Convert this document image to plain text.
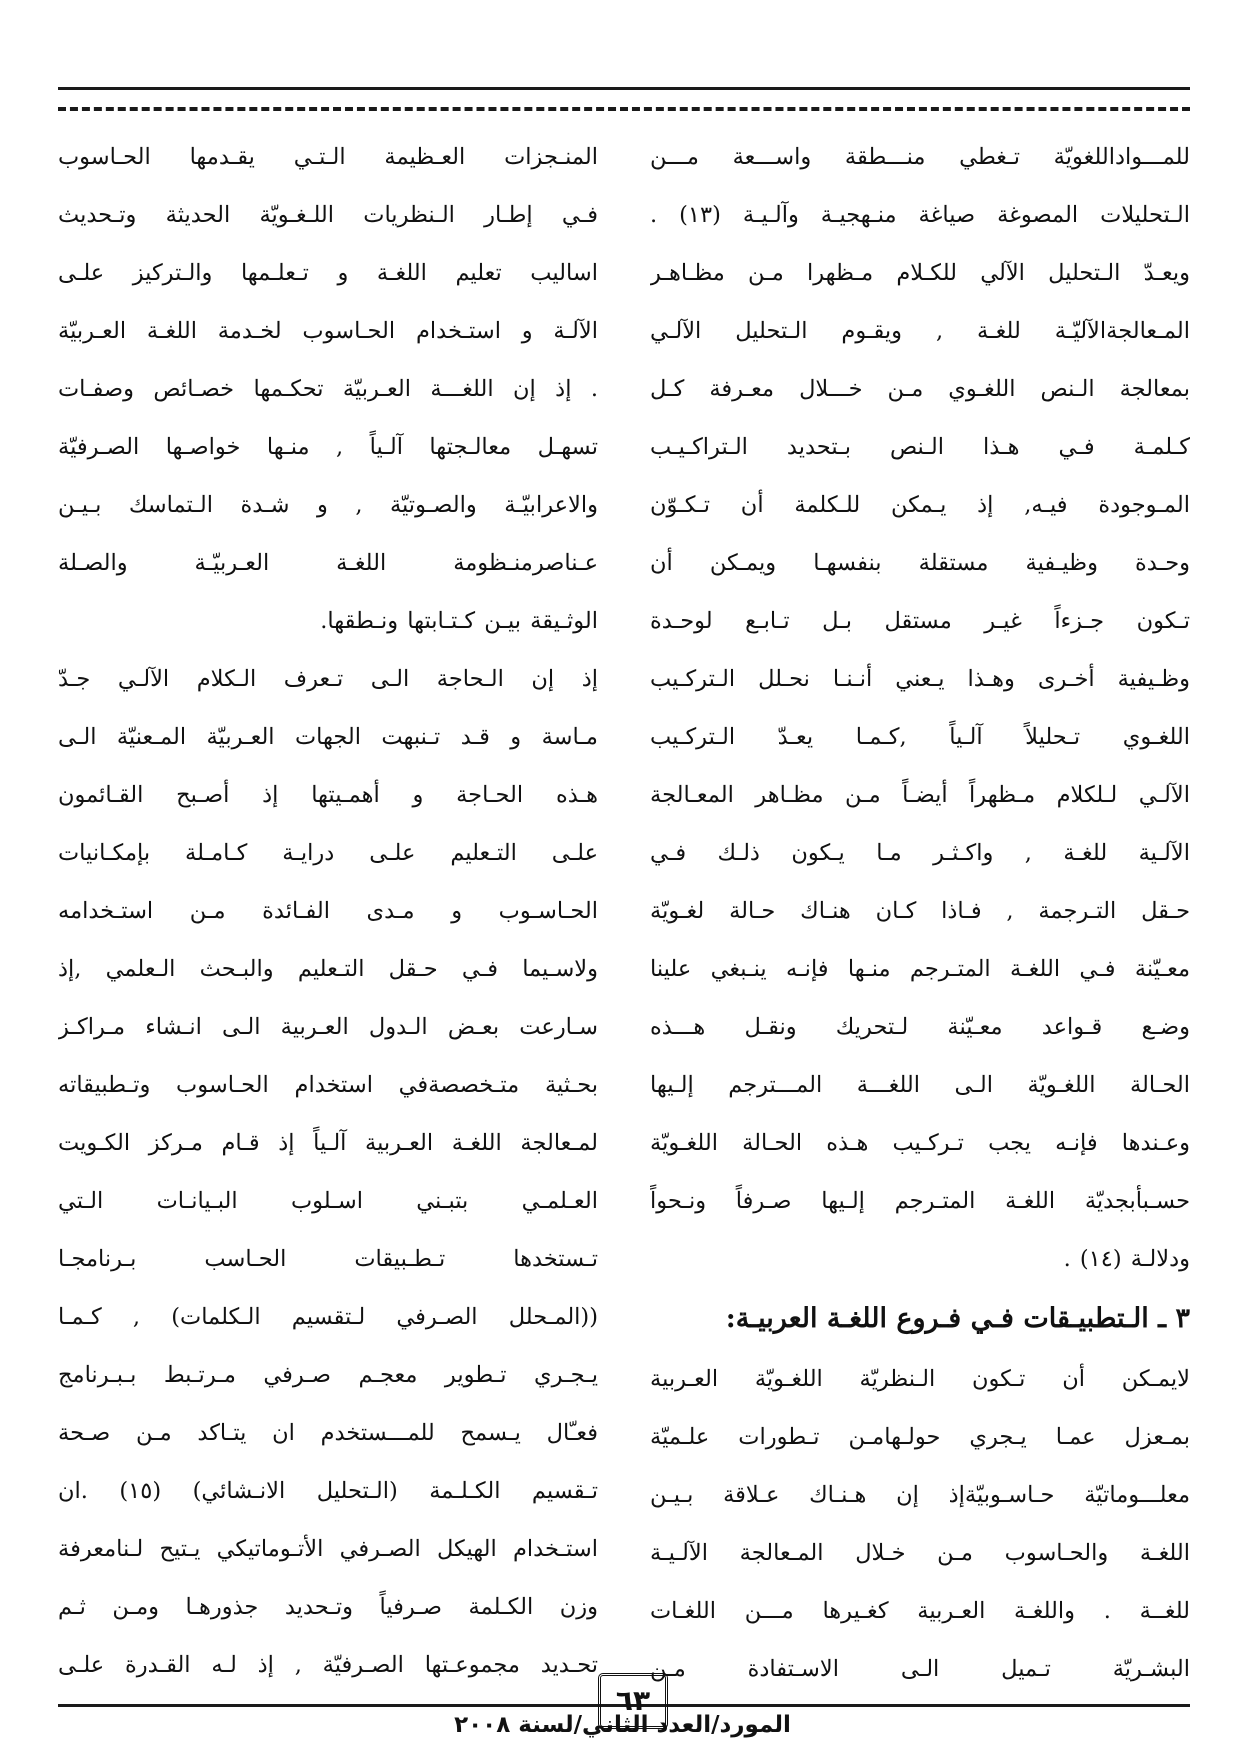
للمـــواداللغويّة تـغطي منـــطقة واســـعة مـــن
الـتحليلات المصوغة صياغة منـهجيـة وآلـيـة (١٣) .
ويعـدّ الـتحليل الآلي للكـلام مـظهرا مـن مظـاهـر
المـعالجةالآليّـة للغـة , ويقـوم الـتحليل الآلـي
بمعالجة الـنص اللغـوي مـن خـــلال معـرفة كـل
كـلمـة فـي هـذا الـنص بـتحديد الـتراكـيـب
المـوجودة فيـه, إذ يـمكن للـكلمة أن تـكـوّن
وحـدة وظيـفية مستقلة بنفسهـا ويمـكن أن
تـكون جـزءاً غيـر مستقل بـل تـابـع لوحـدة
وظـيفية أخـرى وهـذا يـعني أنـنـا نحـلل الـتركـيب
اللغـوي تـحليلاً آلـياً ,كـمـا يعـدّ الـتركـيب
الآلـي لـلكلام مـظهراً أيضـاً مـن مظـاهر المعـالجة
الآلـية للغـة , واكـثـر مـا يـكون ذلـك فـي
حـقل التـرجمة , فـاذا كـان هنـاك حـالة لغـويّة
معـيّنة فـي اللغـة المتـرجم منـها فإنـه ينـبغي علينا
وضـع قـواعد معـيّنة لـتحريك ونقـل هـــذه
الحـالة اللغـويّة الـى اللغـــة المـــترجم إلـيها
وعـندها فإنـه يجب تـركـيب هـذه الحـالة اللغـويّة
حسـبأبجديّة اللغـة المتـرجم إلـيها صـرفاً ونـحواً
ودلالـة (١٤) .
٣ ـ الـتطبيـقات فـي فـروع اللغـة العربيـة:
لايمـكن أن تـكون الـنظريّة اللغـويّة العـربية
بمـعزل عمـا يـجري حولـهامـن تـطورات علـميّة
معلـــوماتيّة حـاسـوبيّةإذ إن هـنـاك عـلاقة بـيـن
اللغـة والحـاسوب مـن خـلال المـعالجة الآلـيـة
للغــة . واللغـة العـربية كغـيرها مـــن اللغـات
البشـريّة تـميل الـى الاسـتفادة مـن
المنـجزات العـظيمة الـتـي يقـدمها الحـاسوب
فـي إطـار الـنظريات اللـغـويّة الحديثة وتـحديث
اساليب تعليم اللغـة و تـعلـمها والـتركيز علـى
الآلـة و استـخدام الحـاسوب لخـدمة اللغـة العـربيّة
. إذ إن اللغـــة العـربيّة تحكـمها خصـائص وصفـات
تسهـل معالـجتها آلـياً , منـها خواصـها الصـرفيّة
والاعرابيّـة والصـوتيّة , و شـدة الـتماسك بـيـن
عـناصرمنـظومة اللغـة العـربيّـة والصـلة
الوثـيقة بيـن كـتـابتها ونـطقها.
إذ إن الـحاجة الـى تـعرف الـكلام الآلـي جـدّ
مـاسة و قـد تـنبهت الجهات العـربيّة المـعنيّة الـى
هـذه الحـاجة و أهمـيتها إذ أصـبح القـائمون
علـى التـعليم علـى درايـة كـامـلة بإمكـانيات
الحـاسـوب و مـدى الفـائدة مـن استـخدامه
ولاسـيما فـي حـقل التـعليم والبـحث الـعلمي ,إذ
سـارعت بعـض الـدول العـربية الـى انـشاء مـراكـز
بحـثية متـخصصةفي استخدام الحـاسوب وتـطبيقاته
لمـعالجة اللغـة العـربية آلـياً إذ قـام مـركز الكـويت
العـلمـي بتبـني اسـلوب البـيانـات الـتي
تـستخدها تـطـبيقات الحـاسب بـرنامجـا
((المـحلل الصـرفي لـتقسيم الـكلمات) , كـمـا
يـجـري تـطوير معجـم صـرفي مـرتـبط بـبـرنامج
فعـّال يـسمح للمـــستخدم ان يتـاكد مـن صـحة
تـقسيم الكـلـمة (الـتحليل الانـشائي) (١٥) .ان
استـخدام الهيكل الصـرفي الأتـوماتيكي يـتيح لـنامعرفة
وزن الكـلمة صـرفياً وتـحديد جذورهـا ومـن ثـم
تحـديد مجموعـتها الصـرفيّة , إذ لـه القـدرة علـى
٦٣
المورد/العدد الثاني/لسنة ٢٠٠٨
